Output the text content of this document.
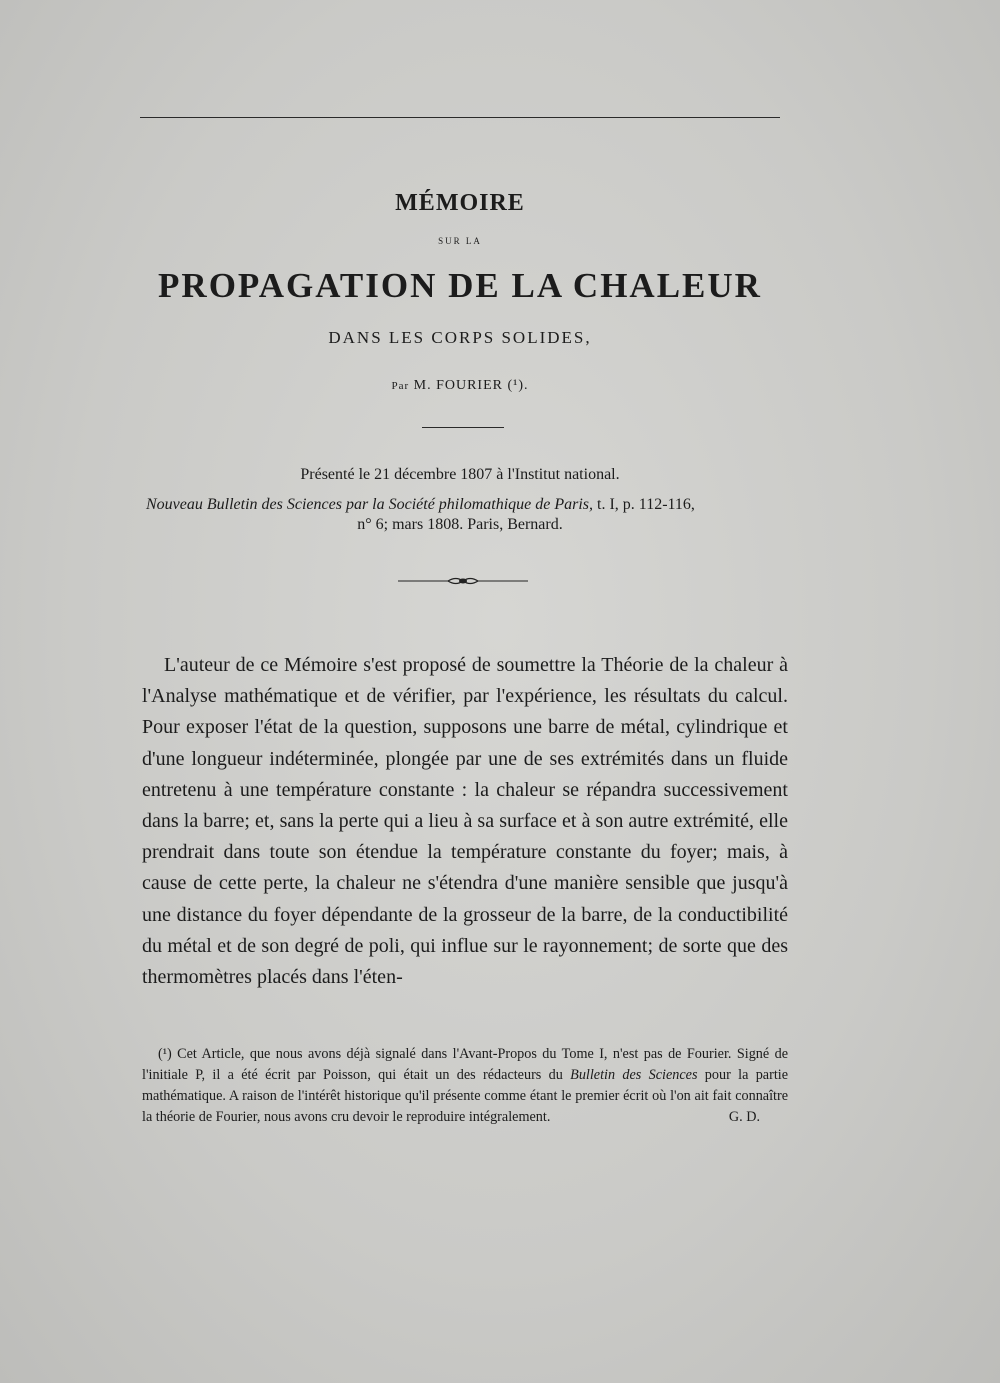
MÉMOIRE
SUR LA
PROPAGATION DE LA CHALEUR
DANS LES CORPS SOLIDES,
Par M. FOURIER (¹).
Présenté le 21 décembre 1807 à l'Institut national.
Nouveau Bulletin des Sciences par la Société philomathique de Paris, t. I, p. 112-116,
n° 6; mars 1808. Paris, Bernard.

L'auteur de ce Mémoire s'est proposé de soumettre la Théorie de la chaleur à l'Analyse mathématique et de vérifier, par l'expérience, les résultats du calcul. Pour exposer l'état de la question, supposons une barre de métal, cylindrique et d'une longueur indéterminée, plongée par une de ses extrémités dans un fluide entretenu à une température constante : la chaleur se répandra successivement dans la barre; et, sans la perte qui a lieu à sa surface et à son autre extrémité, elle prendrait dans toute son étendue la température constante du foyer; mais, à cause de cette perte, la chaleur ne s'étendra d'une manière sensible que jusqu'à une distance du foyer dépendante de la grosseur de la barre, de la conductibilité du métal et de son degré de poli, qui influe sur le rayonnement; de sorte que des thermomètres placés dans l'éten-

(¹) Cet Article, que nous avons déjà signalé dans l'Avant-Propos du Tome I, n'est pas de Fourier. Signé de l'initiale P, il a été écrit par Poisson, qui était un des rédacteurs du Bulletin des Sciences pour la partie mathématique. A raison de l'intérêt historique qu'il présente comme étant le premier écrit où l'on ait fait connaître la théorie de Fourier, nous avons cru devoir le reproduire intégralement.	G. D.
